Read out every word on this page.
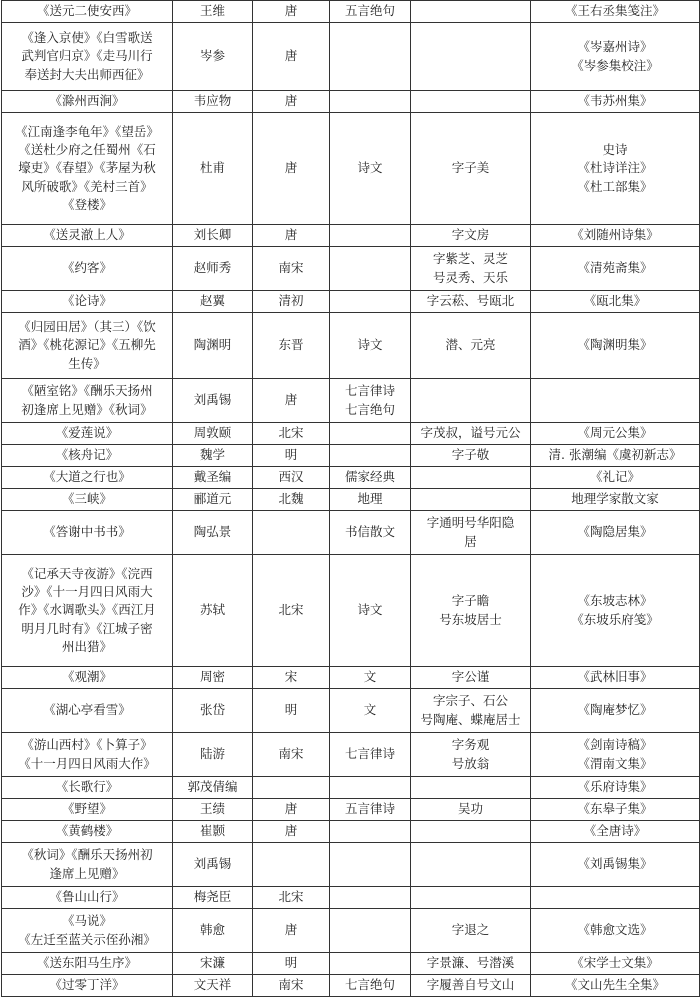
《送元二使安西》	王维	唐	五言绝句		《王右丞集笺注》

《逢入京使》《白雪歌送
武判官归京》《走马川行
奉送封大夫出师西征》	岑参	唐			《岑嘉州诗》
《岑参集校注》

《滁州西涧》	韦应物	唐			《韦苏州集》

《江南逢李龟年》《望岳》
《送杜少府之任蜀州《石
壕吏》《春望》《茅屋为秋
风所破歌》《羌村三首》
《登楼》	杜甫	唐	诗文	字子美	史诗
《杜诗详注》
《杜工部集》

《送灵澈上人》	刘长卿	唐		字文房	《刘随州诗集》

《约客》	赵师秀	南宋		字紫芝、灵芝
号灵秀、天乐	《清苑斋集》

《论诗》	赵翼	清初		字云菘、号瓯北	《瓯北集》

《归园田居》（其三）《饮
酒》《桃花源记》《五柳先
生传》	陶渊明	东晋	诗文	潜、元亮	《陶渊明集》

《陋室铭》《酬乐天扬州
初逢席上见赠》《秋词》	刘禹锡	唐	七言律诗
七言绝句		

《爱莲说》	周敦颐	北宋		字茂叔，谥号元公	《周元公集》

《核舟记》	魏学	明		字子敬	清. 张潮编《虞初新志》

《大道之行也》	戴圣编	西汉	儒家经典		《礼记》

《三峡》	郦道元	北魏	地理		地理学家散文家

《答谢中书书》	陶弘景		书信散文	字通明号华阳隐
居	《陶隐居集》

《记承天寺夜游》《浣西
沙》《十一月四日风雨大
作》《水调歌头》《西江月
明月几时有》《江城子密
州出猎》	苏轼	北宋	诗文	字子瞻
号东坡居士	《东坡志林》
《东坡乐府笺》

《观潮》	周密	宋	文	字公谨	《武林旧事》

《湖心亭看雪》	张岱	明	文	字宗子、石公
号陶庵、蝶庵居士	《陶庵梦忆》

《游山西村》《卜算子》
《十一月四日风雨大作》	陆游	南宋	七言律诗	字务观
号放翁	《剑南诗稿》
《渭南文集》

《长歌行》	郭茂倩编				《乐府诗集》

《野望》	王绩	唐	五言律诗	吴功	《东皋子集》

《黄鹤楼》	崔颢	唐			《全唐诗》

《秋词》《酬乐天扬州初
逢席上见赠》	刘禹锡				《刘禹锡集》

《鲁山山行》	梅尧臣	北宋			

《马说》
《左迁至蓝关示侄孙湘》	韩愈	唐		字退之	《韩愈文选》

《送东阳马生序》	宋濂	明		字景濂、号潜溪	《宋学士文集》

《过零丁洋》	文天祥	南宋	七言绝句	字履善自号文山	《文山先生全集》
